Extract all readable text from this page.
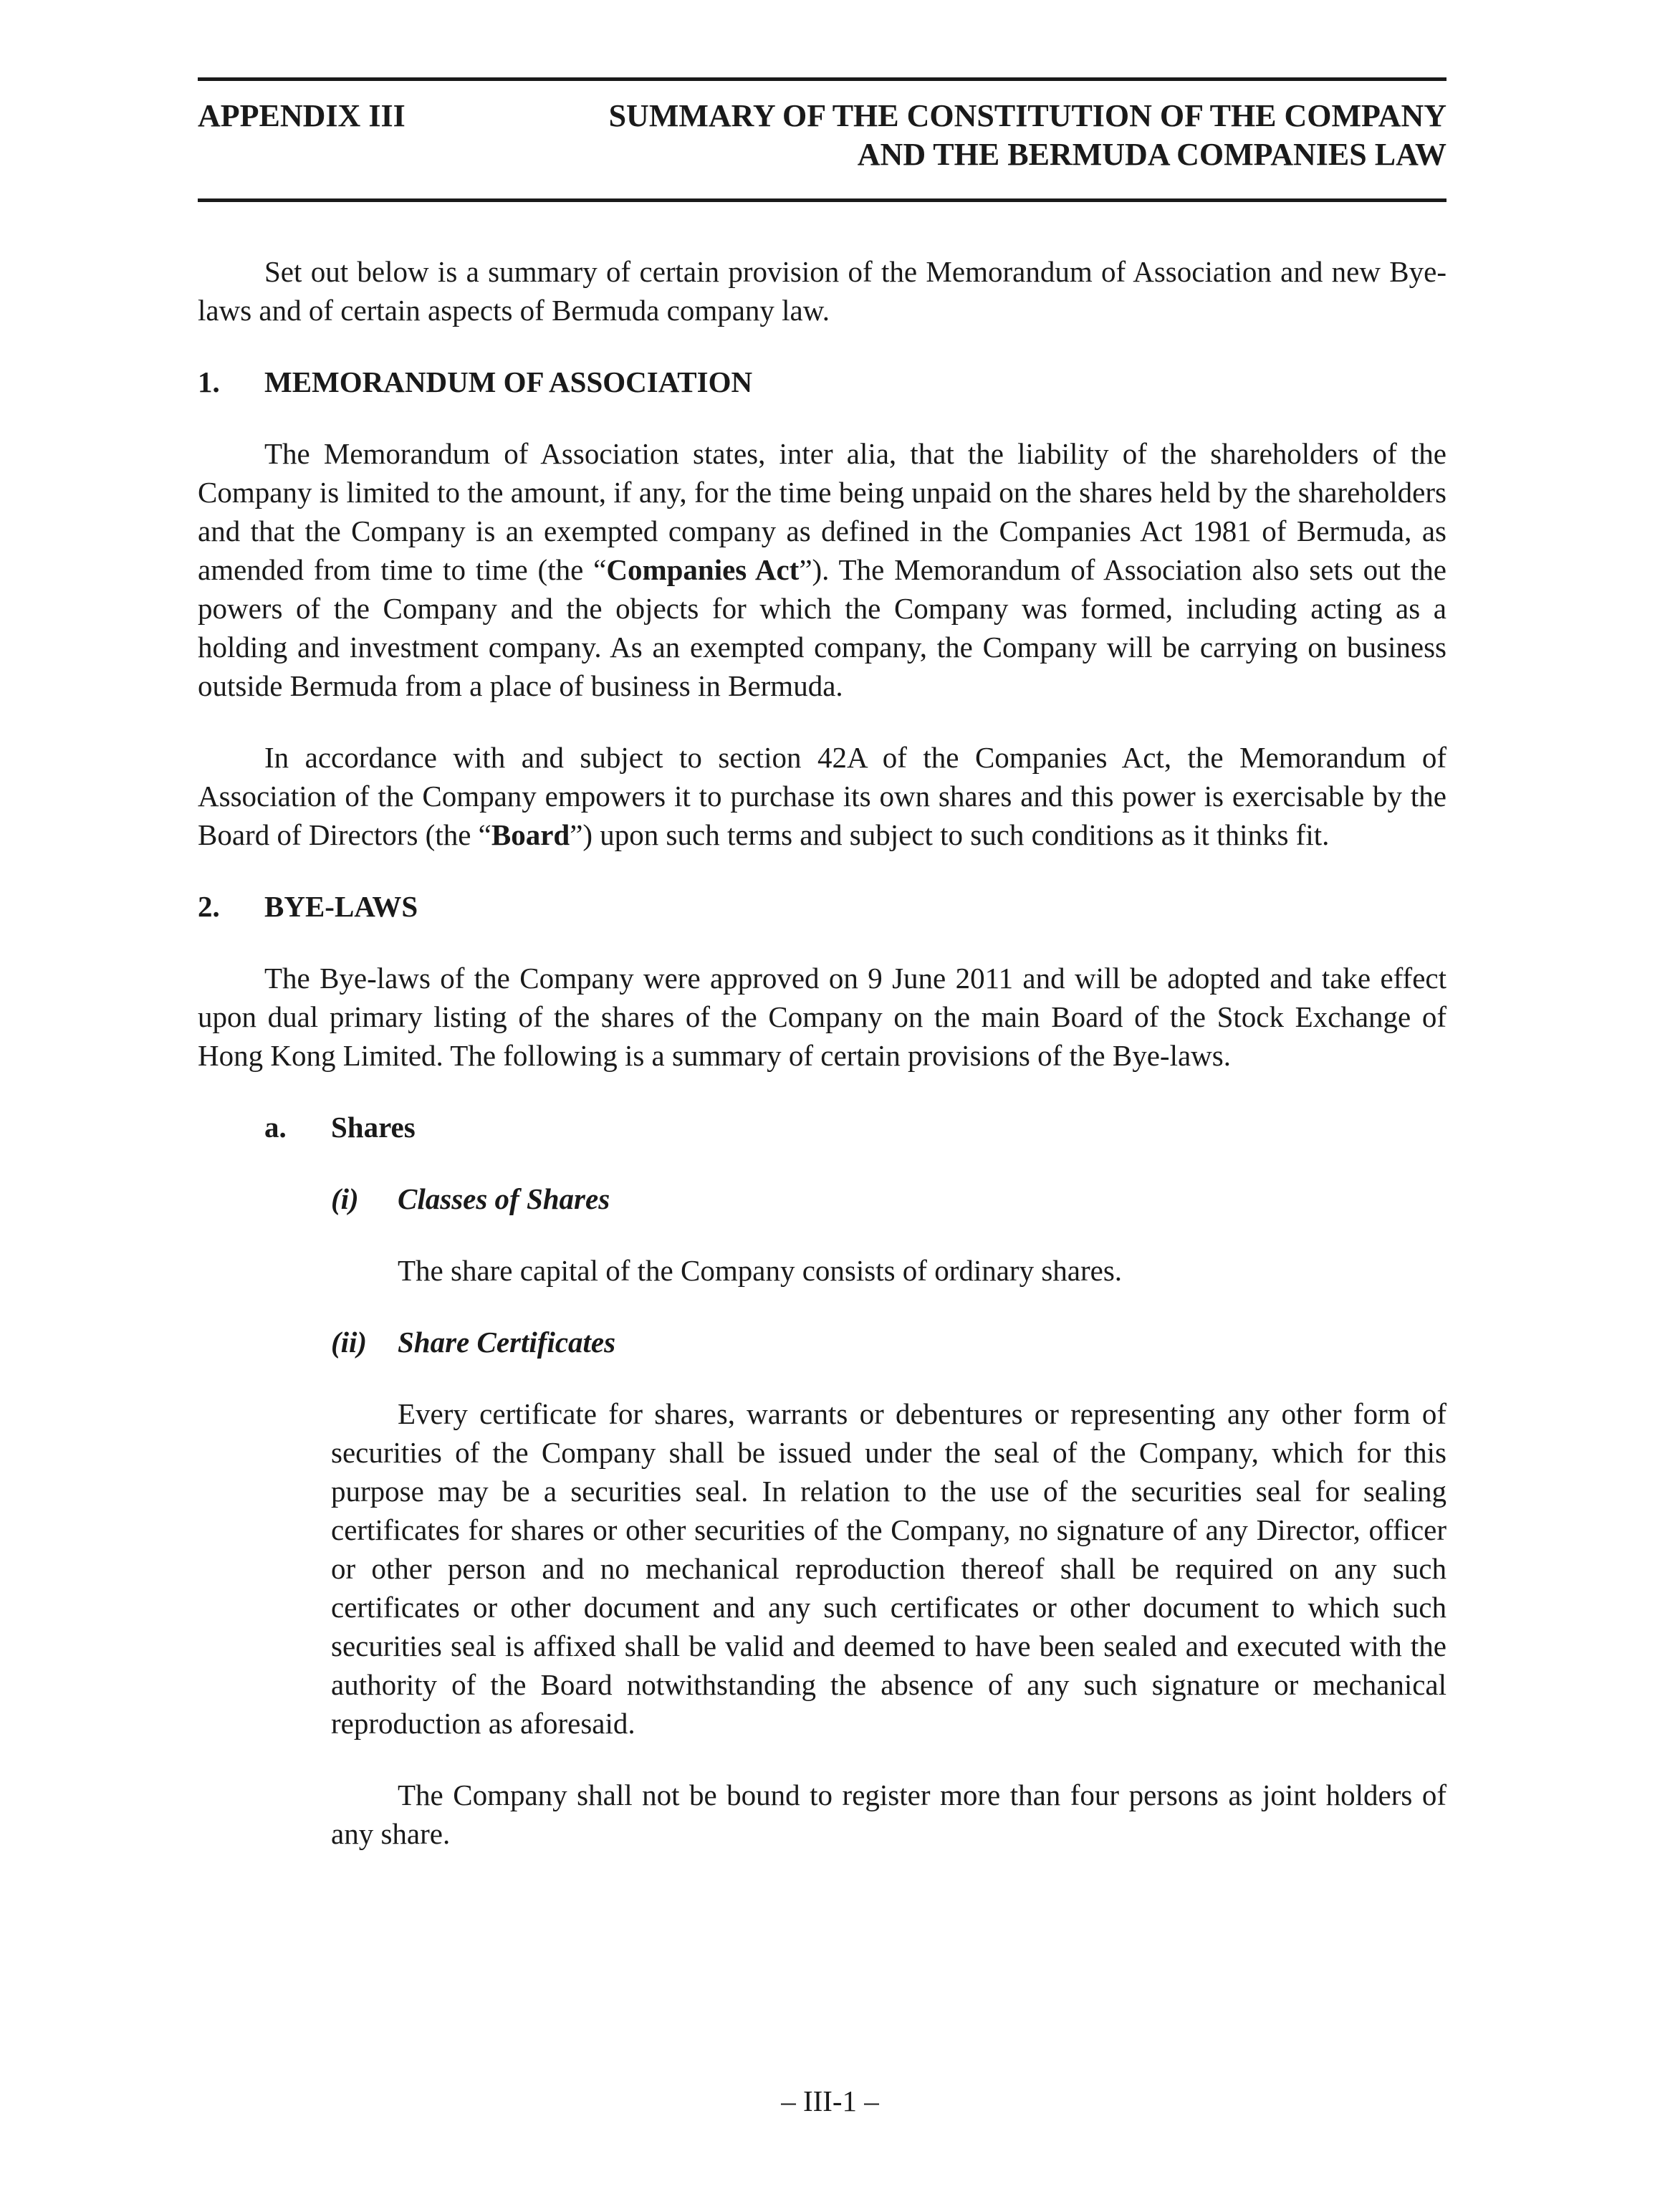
APPENDIX III	SUMMARY OF THE CONSTITUTION OF THE COMPANY
AND THE BERMUDA COMPANIES LAW

Set out below is a summary of certain provision of the Memorandum of Association and new Bye-laws and of certain aspects of Bermuda company law.

1.	MEMORANDUM OF ASSOCIATION

The Memorandum of Association states, inter alia, that the liability of the shareholders of the Company is limited to the amount, if any, for the time being unpaid on the shares held by the shareholders and that the Company is an exempted company as defined in the Companies Act 1981 of Bermuda, as amended from time to time (the “Companies Act”). The Memorandum of Association also sets out the powers of the Company and the objects for which the Company was formed, including acting as a holding and investment company. As an exempted company, the Company will be carrying on business outside Bermuda from a place of business in Bermuda.

In accordance with and subject to section 42A of the Companies Act, the Memorandum of Association of the Company empowers it to purchase its own shares and this power is exercisable by the Board of Directors (the “Board”) upon such terms and subject to such conditions as it thinks fit.

2.	BYE-LAWS

The Bye-laws of the Company were approved on 9 June 2011 and will be adopted and take effect upon dual primary listing of the shares of the Company on the main Board of the Stock Exchange of Hong Kong Limited. The following is a summary of certain provisions of the Bye-laws.

a.	Shares
(i)	Classes of Shares

The share capital of the Company consists of ordinary shares.

(ii)	Share Certificates

Every certificate for shares, warrants or debentures or representing any other form of securities of the Company shall be issued under the seal of the Company, which for this purpose may be a securities seal. In relation to the use of the securities seal for sealing certificates for shares or other securities of the Company, no signature of any Director, officer or other person and no mechanical reproduction thereof shall be required on any such certificates or other document and any such certificates or other document to which such securities seal is affixed shall be valid and deemed to have been sealed and executed with the authority of the Board notwithstanding the absence of any such signature or mechanical reproduction as aforesaid.

The Company shall not be bound to register more than four persons as joint holders of any share.

– III-1 –
